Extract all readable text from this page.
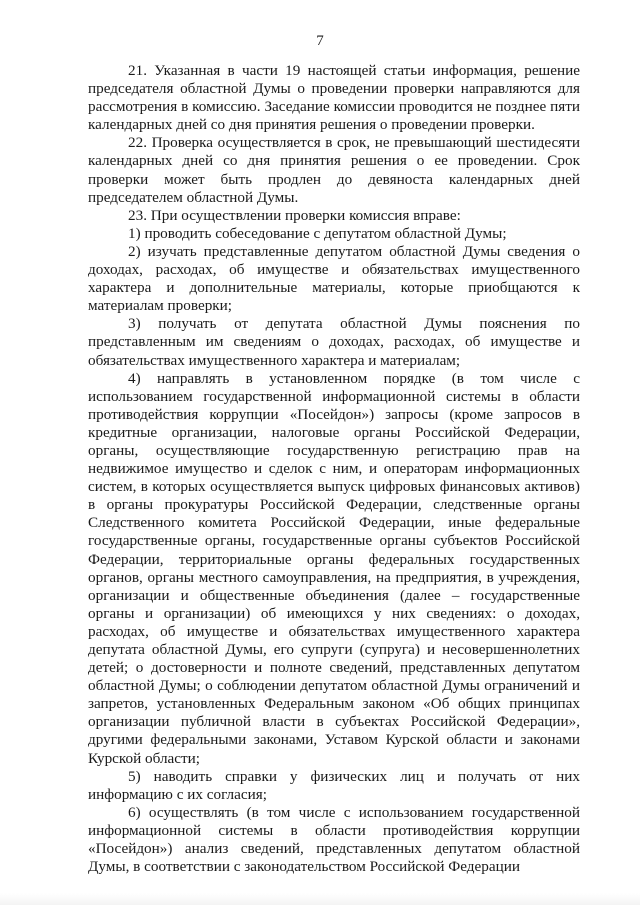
7

21. Указанная в части 19 настоящей статьи информация, решение председателя областной Думы о проведении проверки направляются для рассмотрения в комиссию. Заседание комиссии проводится не позднее пяти календарных дней со дня принятия решения о проведении проверки.

22. Проверка осуществляется в срок, не превышающий шестидесяти календарных дней со дня принятия решения о ее проведении. Срок проверки может быть продлен до девяноста календарных дней председателем областной Думы.

23. При осуществлении проверки комиссия вправе:

1) проводить собеседование с депутатом областной Думы;

2) изучать представленные депутатом областной Думы сведения о доходах, расходах, об имуществе и обязательствах имущественного характера и дополнительные материалы, которые приобщаются к материалам проверки;

3) получать от депутата областной Думы пояснения по представленным им сведениям о доходах, расходах, об имуществе и обязательствах имущественного характера и материалам;

4) направлять в установленном порядке (в том числе с использованием государственной информационной системы в области противодействия коррупции «Посейдон») запросы (кроме запросов в кредитные организации, налоговые органы Российской Федерации, органы, осуществляющие государственную регистрацию прав на недвижимое имущество и сделок с ним, и операторам информационных систем, в которых осуществляется выпуск цифровых финансовых активов) в органы прокуратуры Российской Федерации, следственные органы Следственного комитета Российской Федерации, иные федеральные государственные органы, государственные органы субъектов Российской Федерации, территориальные органы федеральных государственных органов, органы местного самоуправления, на предприятия, в учреждения, организации и общественные объединения (далее – государственные органы и организации) об имеющихся у них сведениях: о доходах, расходах, об имуществе и обязательствах имущественного характера депутата областной Думы, его супруги (супруга) и несовершеннолетних детей; о достоверности и полноте сведений, представленных депутатом областной Думы; о соблюдении депутатом областной Думы ограничений и запретов, установленных Федеральным законом «Об общих принципах организации публичной власти в субъектах Российской Федерации», другими федеральными законами, Уставом Курской области и законами Курской области;

5) наводить справки у физических лиц и получать от них информацию с их согласия;

6) осуществлять (в том числе с использованием государственной информационной системы в области противодействия коррупции «Посейдон») анализ сведений, представленных депутатом областной Думы, в соответствии с законодательством Российской Федерации
